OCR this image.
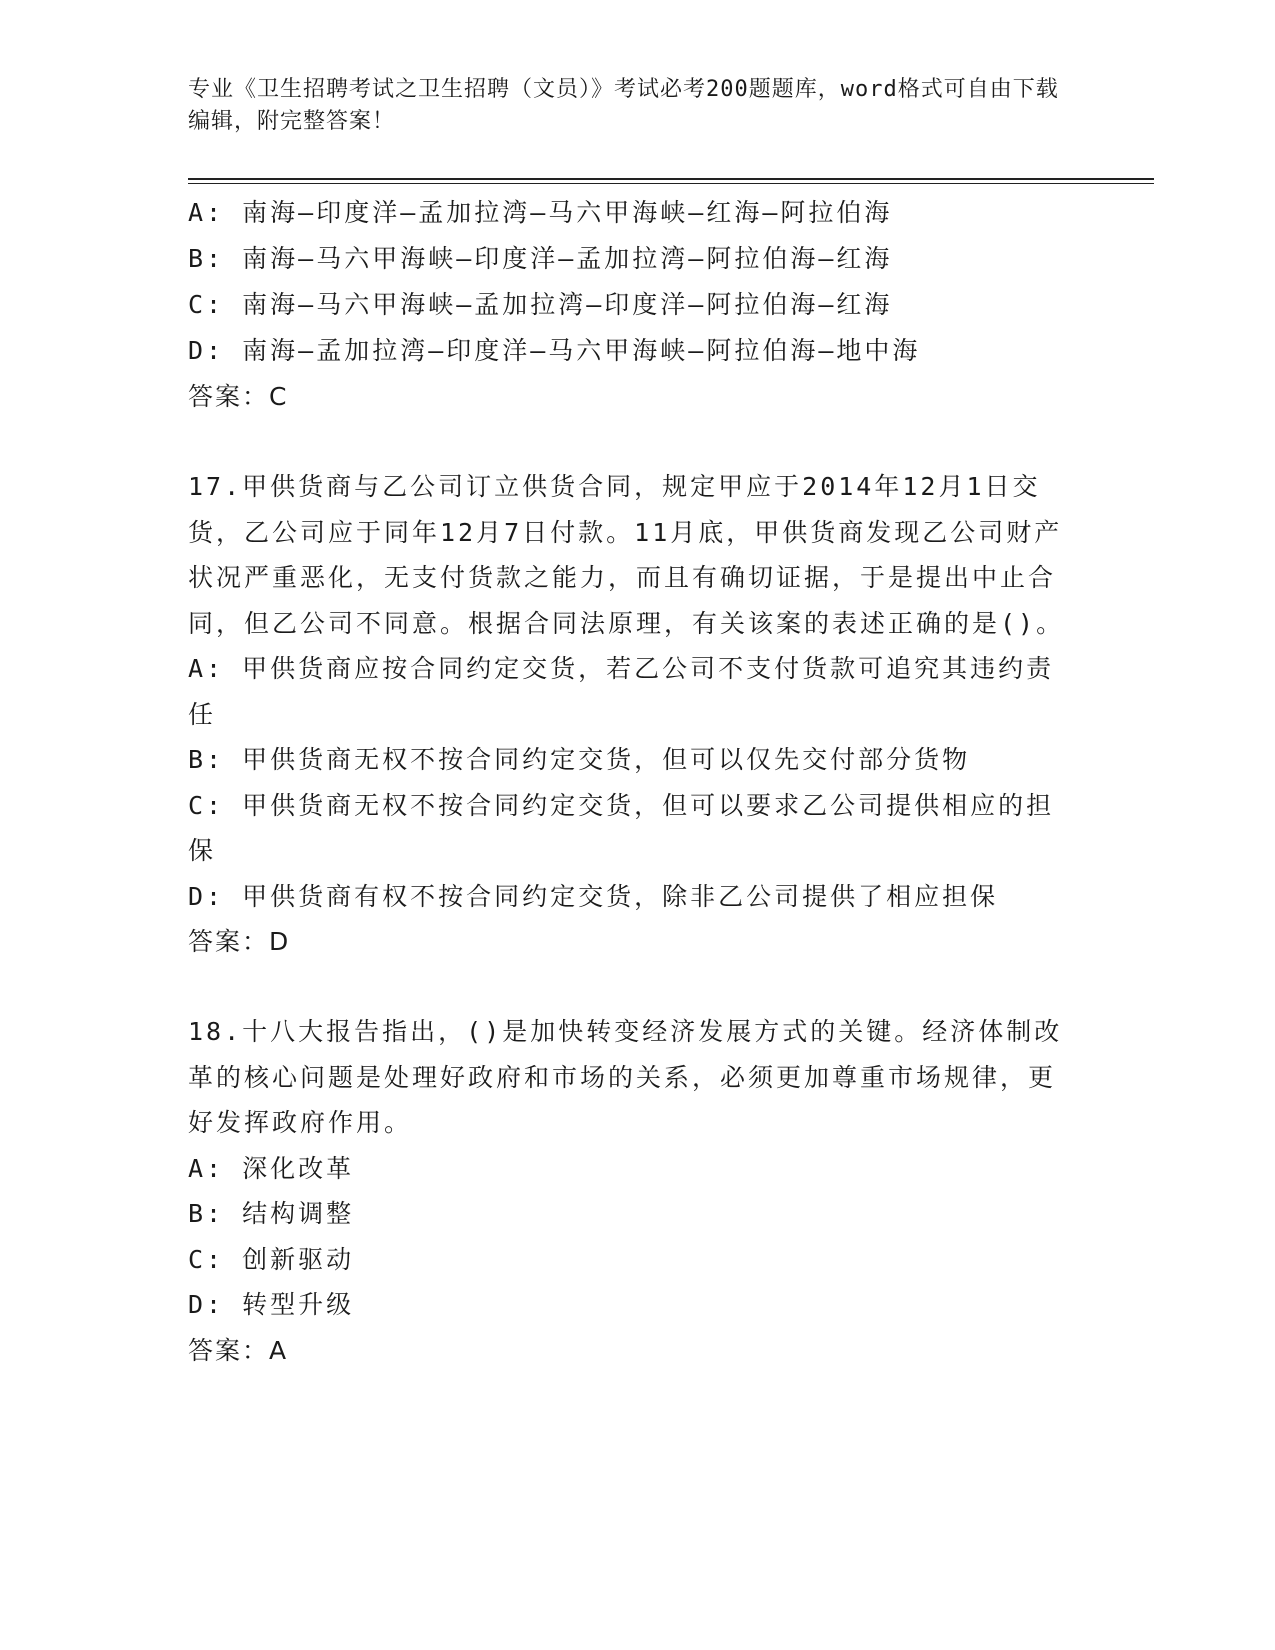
专业《卫生招聘考试之卫生招聘（文员）》考试必考200题题库，word格式可自由下载编辑，附完整答案！
A: 南海—印度洋—孟加拉湾—马六甲海峡—红海—阿拉伯海
B: 南海—马六甲海峡—印度洋—孟加拉湾—阿拉伯海—红海
C: 南海—马六甲海峡—孟加拉湾—印度洋—阿拉伯海—红海
D: 南海—孟加拉湾—印度洋—马六甲海峡—阿拉伯海—地中海
答案：C
17.甲供货商与乙公司订立供货合同，规定甲应于2014年12月1日交货，乙公司应于同年12月7日付款。11月底，甲供货商发现乙公司财产状况严重恶化，无支付货款之能力，而且有确切证据，于是提出中止合同，但乙公司不同意。根据合同法原理，有关该案的表述正确的是()。
A: 甲供货商应按合同约定交货，若乙公司不支付货款可追究其违约责任
B: 甲供货商无权不按合同约定交货，但可以仅先交付部分货物
C: 甲供货商无权不按合同约定交货，但可以要求乙公司提供相应的担保
D: 甲供货商有权不按合同约定交货，除非乙公司提供了相应担保
答案：D
18.十八大报告指出，()是加快转变经济发展方式的关键。经济体制改革的核心问题是处理好政府和市场的关系，必须更加尊重市场规律，更好发挥政府作用。
A: 深化改革
B: 结构调整
C: 创新驱动
D: 转型升级
答案：A
